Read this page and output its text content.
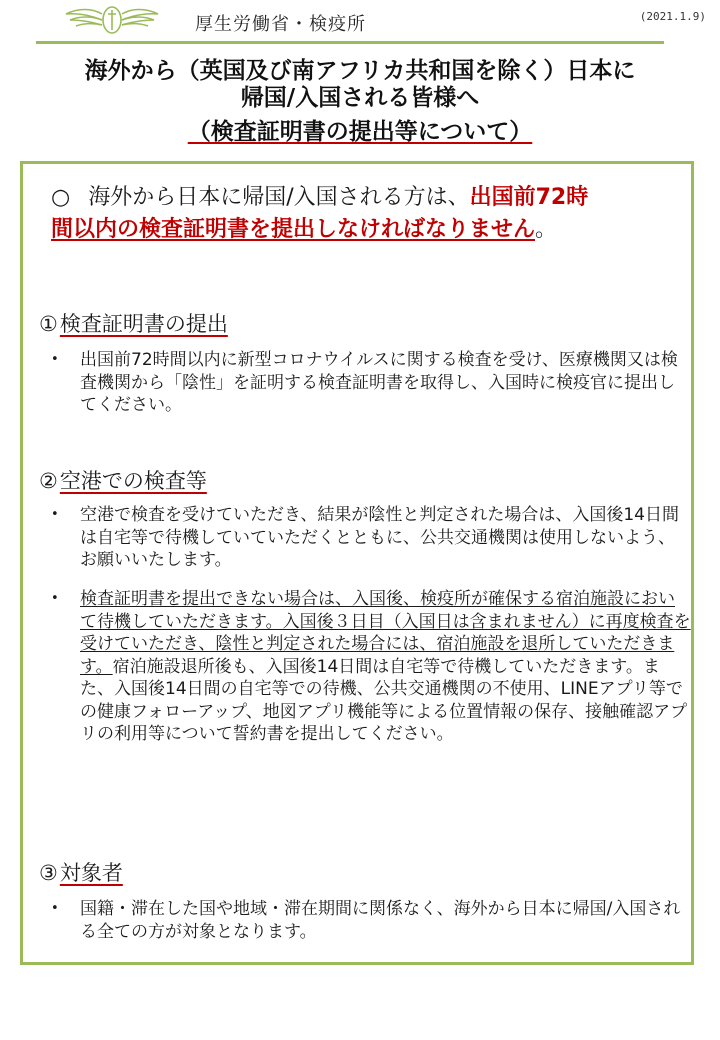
厚生労働省・検疫所	(2021.1.9)
海外から（英国及び南アフリカ共和国を除く）日本に
帰国/入国される皆様へ
（検査証明書の提出等について）
○ 海外から日本に帰国/入国される方は、出国前72時
間以内の検査証明書を提出しなければなりません。
①検査証明書の提出
• 出国前72時間以内に新型コロナウイルスに関する検査を受け、医療機関又は検査機関から「陰性」を証明する検査証明書を取得し、入国時に検疫官に提出してください。
②空港での検査等
• 空港で検査を受けていただき、結果が陰性と判定された場合は、入国後14日間は自宅等で待機していていただくとともに、公共交通機関は使用しないよう、お願いいたします。
• 検査証明書を提出できない場合は、入国後、検疫所が確保する宿泊施設において待機していただきます。入国後３日目（入国日は含まれません）に再度検査を受けていただき、陰性と判定された場合には、宿泊施設を退所していただきます。宿泊施設退所後も、入国後14日間は自宅等で待機していただきます。また、入国後14日間の自宅等での待機、公共交通機関の不使用、LINEアプリ等での健康フォローアップ、地図アプリ機能等による位置情報の保存、接触確認アプリの利用等について誓約書を提出してください。
③対象者
• 国籍・滞在した国や地域・滞在期間に関係なく、海外から日本に帰国/入国される全ての方が対象となります。
